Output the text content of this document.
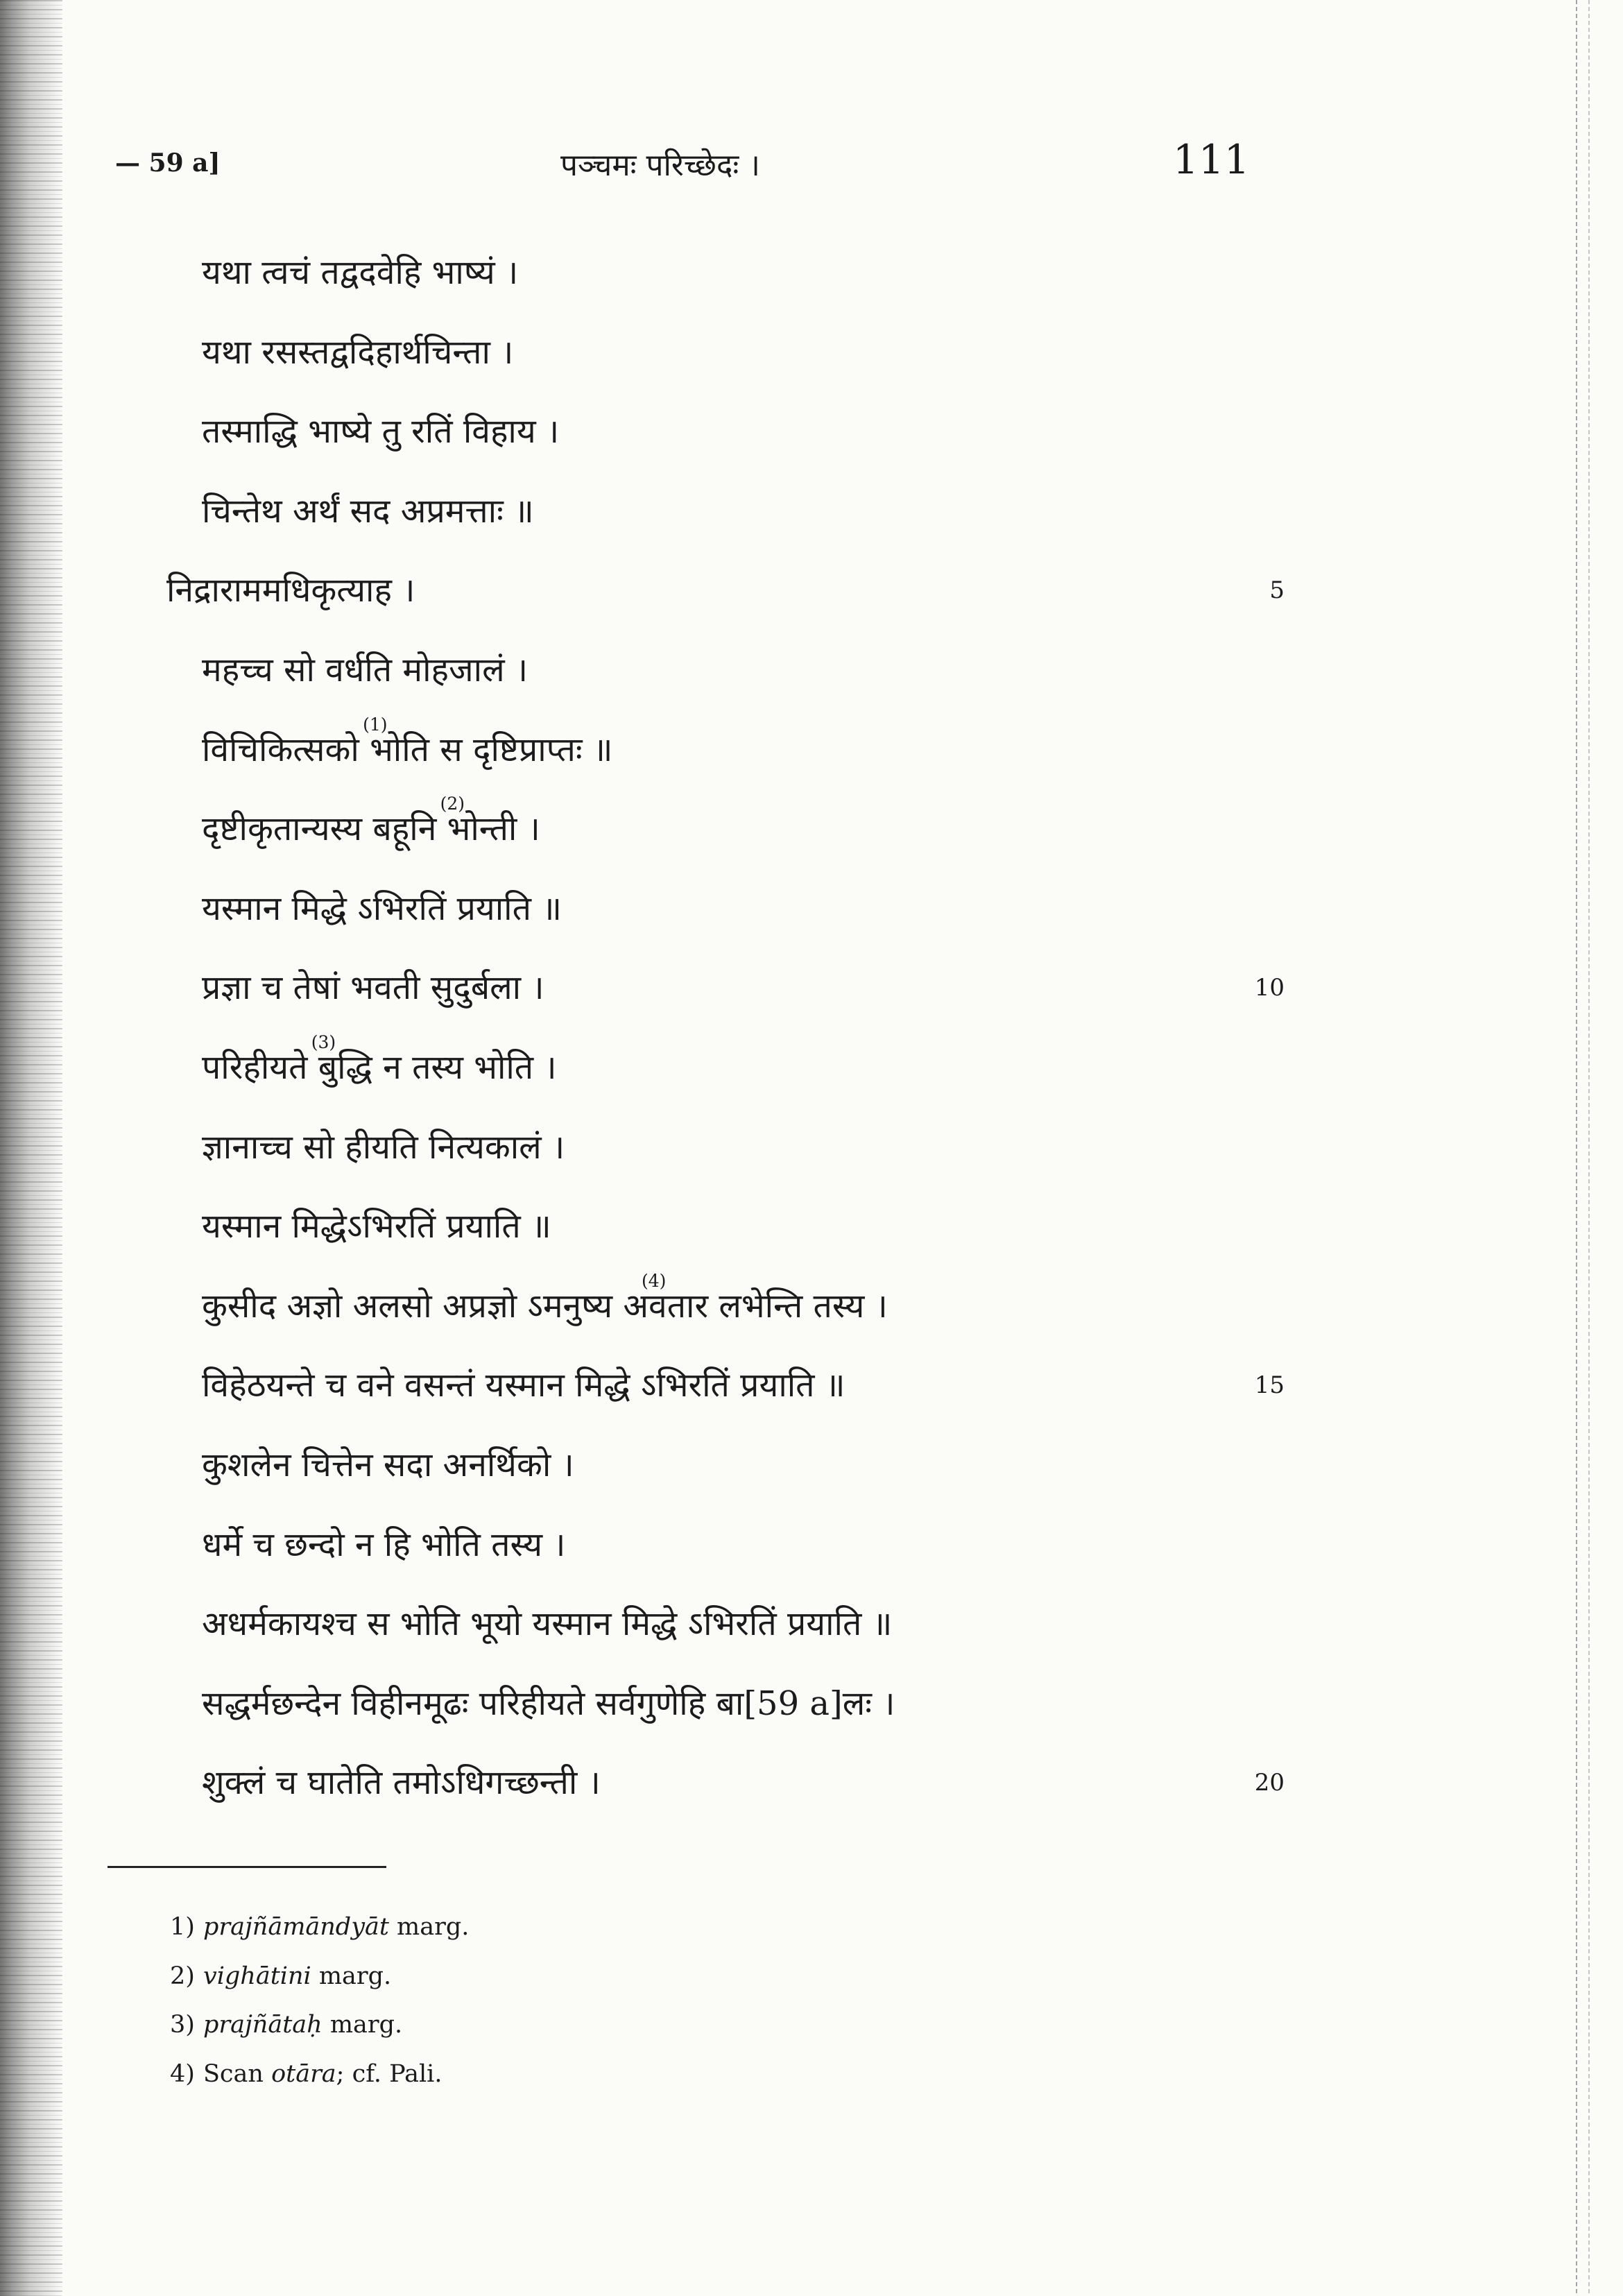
— 59 a]	पञ्चमः परिच्छेदः ।	111
यथा त्वचं तद्वदवेहि भाष्यं ।
यथा रसस्तद्वदिहार्थचिन्ता ।
तस्माद्धि भाष्ये तु रतिं विहाय ।
चिन्तेथ अर्थं सद अप्रमत्ताः ॥
निद्राराममधिकृत्याह ।	5
महच्च सो वर्धति मोहजालं ।
विचिकित्सको
(1)
भोति स दृष्टिप्राप्तः ॥
दृष्टीकृतान्यस्य बहूनि
(2)
भोन्ती ।
यस्मान मिद्धे ऽभिरतिं प्रयाति ॥
प्रज्ञा च तेषां भवती सुदुर्बला ।	10
परिहीयते
(3)
बुद्धि न तस्य भोति ।
ज्ञानाच्च सो हीयति नित्यकालं ।
यस्मान मिद्धेऽभिरतिं प्रयाति ॥
कुसीद अज्ञो अलसो अप्रज्ञो ऽमनुष्य अ
(4)
वतार लभेन्ति तस्य ।
विहेठयन्ते च वने वसन्तं यस्मान मिद्धे ऽभिरतिं प्रयाति ॥	15
कुशलेन चित्तेन सदा अनर्थिको ।
धर्मे च छन्दो न हि भोति तस्य ।
अधर्मकायश्च स भोति भूयो यस्मान मिद्धे ऽभिरतिं प्रयाति ॥
सद्धर्मछन्देन विहीनमूढः परिहीयते सर्वगुणेहि बा[59 a]लः ।
शुक्लं च घातेति तमोऽधिगच्छन्ती ।	20
1) prajñāmāndyāt marg.
2) vighātini marg.
3) prajñātaḥ marg.
4) Scan otāra; cf. Pali.
